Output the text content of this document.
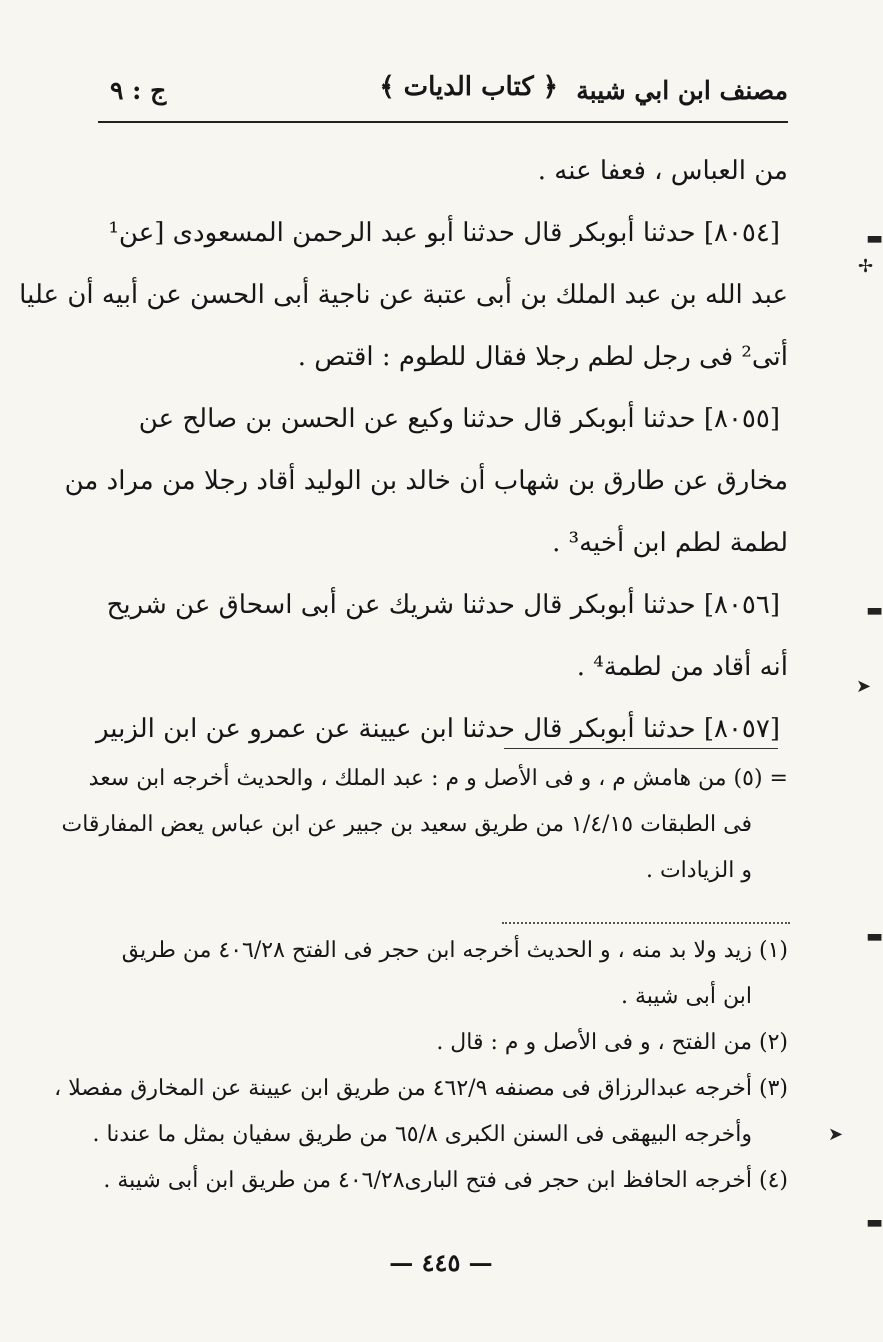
مصنف ابن ابي شيبة
﴿ كتاب الديات ﴾
ج : ٩
من العباس ، فعفا عنه .
[٨٠٥٤] حدثنا أبوبكر قال حدثنا أبو عبد الرحمن المسعودى [عن¹
عبد الله بن عبد الملك بن أبى عتبة عن ناجية أبى الحسن عن أبيه أن عليا
أتى² فى رجل لطم رجلا فقال للطوم : اقتص .
[٨٠٥٥] حدثنا أبوبكر قال حدثنا وكيع عن الحسن بن صالح عن
مخارق عن طارق بن شهاب أن خالد بن الوليد أقاد رجلا من مراد من
لطمة لطم ابن أخيه³ .
[٨٠٥٦] حدثنا أبوبكر قال حدثنا شريك عن أبى اسحاق عن شريح
أنه أقاد من لطمة⁴ .
[٨٠٥٧] حدثنا أبوبكر قال حدثنا ابن عيينة عن عمرو عن ابن الزبير
= (٥) من هامش م ، و فى الأصل و م : عبد الملك ، والحديث أخرجه ابن سعد
فى الطبقات ١/٤/١٥ من طريق سعيد بن جبير عن ابن عباس يعض المفارقات
و الزيادات .
(١) زيد ولا بد منه ، و الحديث أخرجه ابن حجر فى الفتح ٤٠٦/٢٨ من طريق
ابن أبى شيبة .
(٢) من الفتح ، و فى الأصل و م : قال .
(٣) أخرجه عبدالرزاق فى مصنفه ٤٦٢/٩ من طريق ابن عيينة عن المخارق مفصلا ،
وأخرجه البيهقى فى السنن الكبرى ٦٥/٨ من طريق سفيان بمثل ما عندنا .
(٤) أخرجه الحافظ ابن حجر فى فتح البارى٤٠٦/٢٨ من طريق ابن أبى شيبة .
— ٤٤٥ —
▬
✢
▬
➤
▬
➤
▬
